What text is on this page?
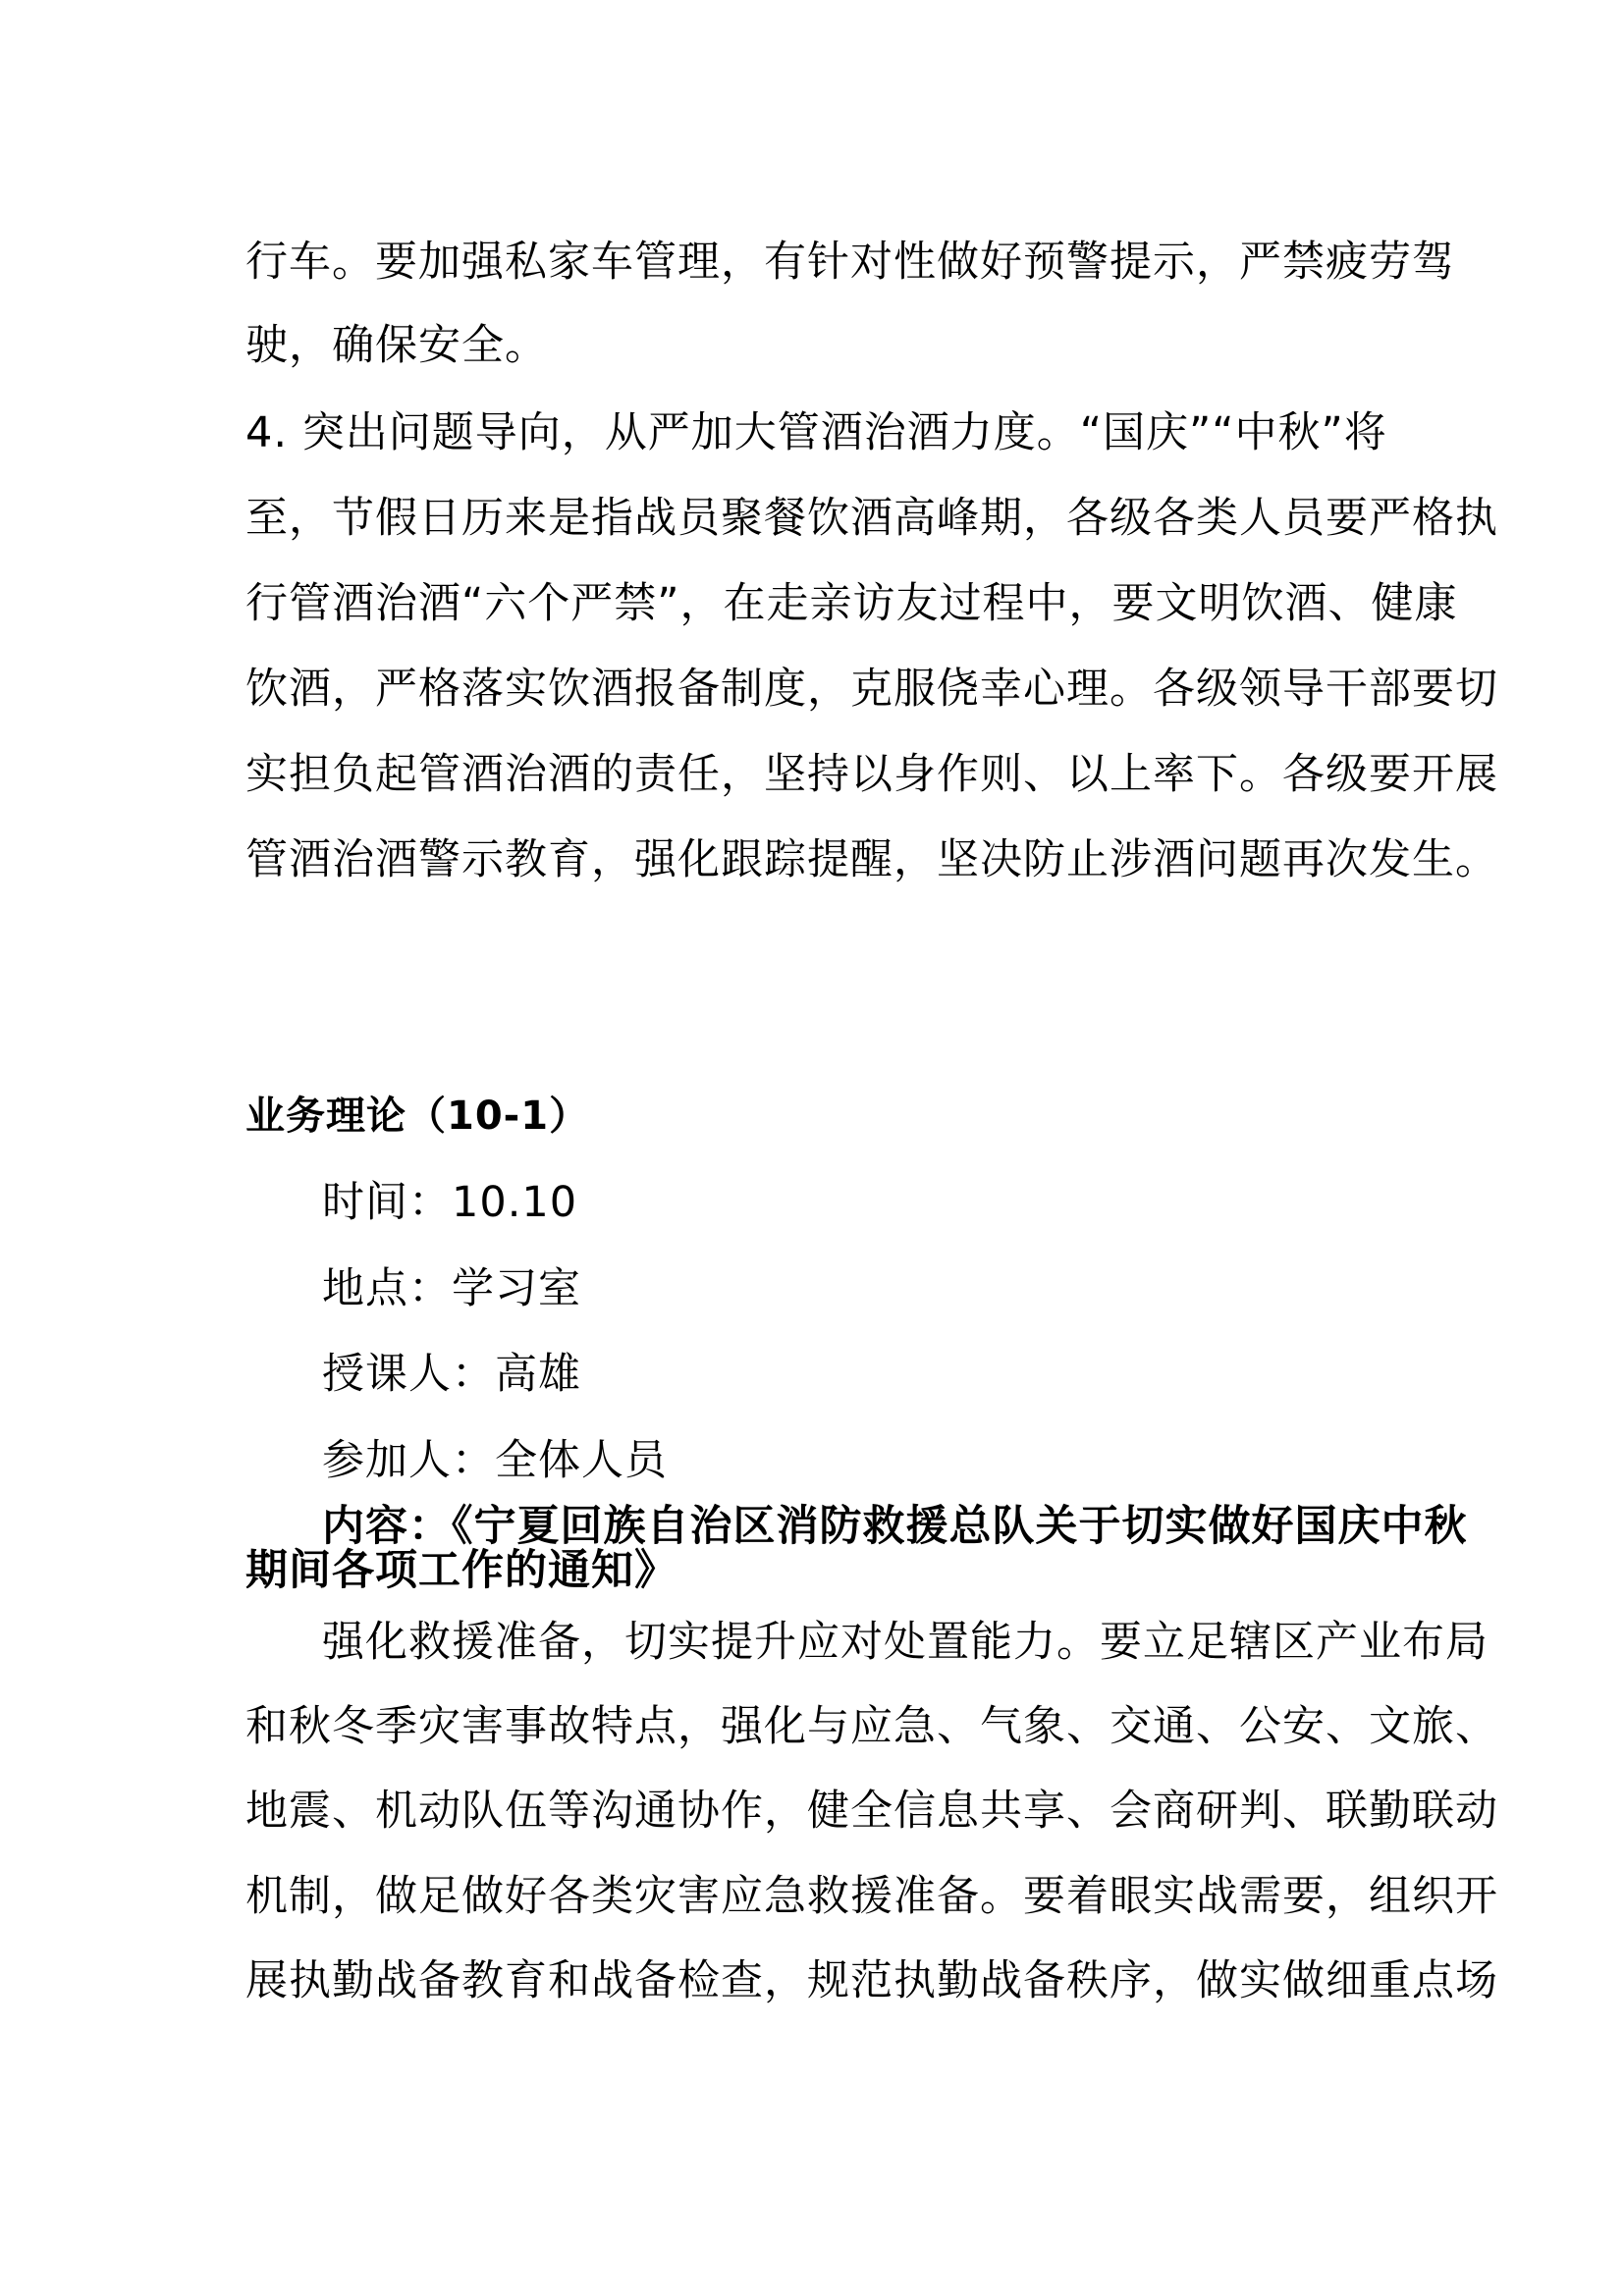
行车。要加强私家车管理，有针对性做好预警提示，严禁疲劳驾
驶，确保安全。
4. 突出问题导向，从严加大管酒治酒力度。“国庆”“中秋”将
至，节假日历来是指战员聚餐饮酒高峰期，各级各类人员要严格执
行管酒治酒“六个严禁”，在走亲访友过程中，要文明饮酒、健康
饮酒，严格落实饮酒报备制度，克服侥幸心理。各级领导干部要切
实担负起管酒治酒的责任，坚持以身作则、以上率下。各级要开展
管酒治酒警示教育，强化跟踪提醒，坚决防止涉酒问题再次发生。
业务理论（10-1）
时间：10.10
地点：学习室
授课人：高雄
参加人：全体人员
内容：《宁夏回族自治区消防救援总队关于切实做好国庆中秋
期间各项工作的通知》
强化救援准备，切实提升应对处置能力。要立足辖区产业布局
和秋冬季灾害事故特点，强化与应急、气象、交通、公安、文旅、
地震、机动队伍等沟通协作，健全信息共享、会商研判、联勤联动
机制，做足做好各类灾害应急救援准备。要着眼实战需要，组织开
展执勤战备教育和战备检查，规范执勤战备秩序，做实做细重点场
